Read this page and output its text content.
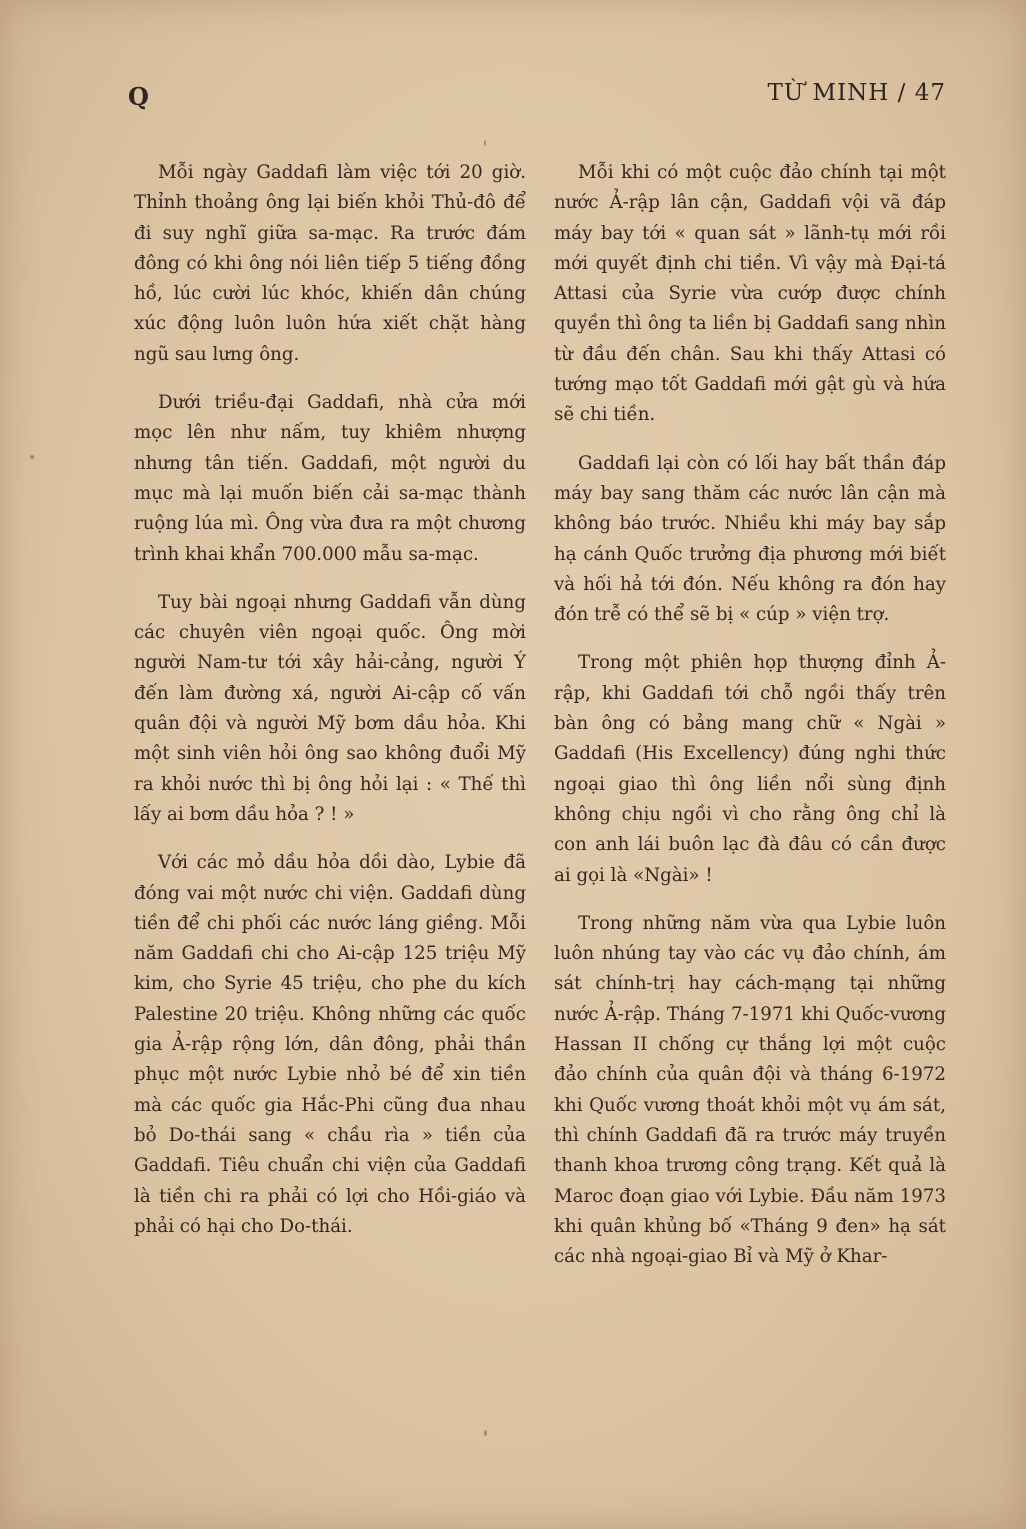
Q	TỪ MINH / 47

Mỗi ngày Gaddafi làm việc tới 20 giờ. Thỉnh thoảng ông lại biến khỏi Thủ-đô để đi suy nghĩ giữa sa-mạc. Ra trước đám đông có khi ông nói liên tiếp 5 tiếng đồng hồ, lúc cười lúc khóc, khiến dân chúng xúc động luôn luôn hứa xiết chặt hàng ngũ sau lưng ông.

Dưới triều-đại Gaddafi, nhà cửa mới mọc lên như nấm, tuy khiêm nhượng nhưng tân tiến. Gaddafi, một người du mục mà lại muốn biến cải sa-mạc thành ruộng lúa mì. Ông vừa đưa ra một chương trình khai khẩn 700.000 mẫu sa-mạc.

Tuy bài ngoại nhưng Gaddafi vẫn dùng các chuyên viên ngoại quốc. Ông mời người Nam-tư tới xây hải-cảng, người Ý đến làm đường xá, người Ai-cập cố vấn quân đội và người Mỹ bơm dầu hỏa. Khi một sinh viên hỏi ông sao không đuổi Mỹ ra khỏi nước thì bị ông hỏi lại : « Thế thì lấy ai bơm dầu hỏa ? ! »

Với các mỏ dầu hỏa dồi dào, Lybie đã đóng vai một nước chi viện. Gaddafi dùng tiền để chi phối các nước láng giềng. Mỗi năm Gaddafi chi cho Ai-cập 125 triệu Mỹ kim, cho Syrie 45 triệu, cho phe du kích Palestine 20 triệu. Không những các quốc gia Ả-rập rộng lớn, dân đông, phải thần phục một nước Lybie nhỏ bé để xin tiền mà các quốc gia Hắc-Phi cũng đua nhau bỏ Do-thái sang « chầu rìa » tiền của Gaddafi. Tiêu chuẩn chi viện của Gaddafi là tiền chi ra phải có lợi cho Hồi-giáo và phải có hại cho Do-thái.

Mỗi khi có một cuộc đảo chính tại một nước Ả-rập lân cận, Gaddafi vội vã đáp máy bay tới « quan sát » lãnh-tụ mới rồi mới quyết định chi tiền. Vì vậy mà Đại-tá Attasi của Syrie vừa cướp được chính quyền thì ông ta liền bị Gaddafi sang nhìn từ đầu đến chân. Sau khi thấy Attasi có tướng mạo tốt Gaddafi mới gật gù và hứa sẽ chi tiền.

Gaddafi lại còn có lối hay bất thần đáp máy bay sang thăm các nước lân cận mà không báo trước. Nhiều khi máy bay sắp hạ cánh Quốc trưởng địa phương mới biết và hối hả tới đón. Nếu không ra đón hay đón trễ có thể sẽ bị « cúp » viện trợ.

Trong một phiên họp thượng đỉnh Ả-rập, khi Gaddafi tới chỗ ngồi thấy trên bàn ông có bảng mang chữ « Ngài » Gaddafi (His Excellency) đúng nghi thức ngoại giao thì ông liền nổi sùng định không chịu ngồi vì cho rằng ông chỉ là con anh lái buôn lạc đà đâu có cần được ai gọi là «Ngài» !

Trong những năm vừa qua Lybie luôn luôn nhúng tay vào các vụ đảo chính, ám sát chính-trị hay cách-mạng tại những nước Ả-rập. Tháng 7-1971 khi Quốc-vương Hassan II chống cự thắng lợi một cuộc đảo chính của quân đội và tháng 6-1972 khi Quốc vương thoát khỏi một vụ ám sát, thì chính Gaddafi đã ra trước máy truyền thanh khoa trương công trạng. Kết quả là Maroc đoạn giao với Lybie. Đầu năm 1973 khi quân khủng bố «Tháng 9 đen» hạ sát các nhà ngoại-giao Bỉ và Mỹ ở Khar-
